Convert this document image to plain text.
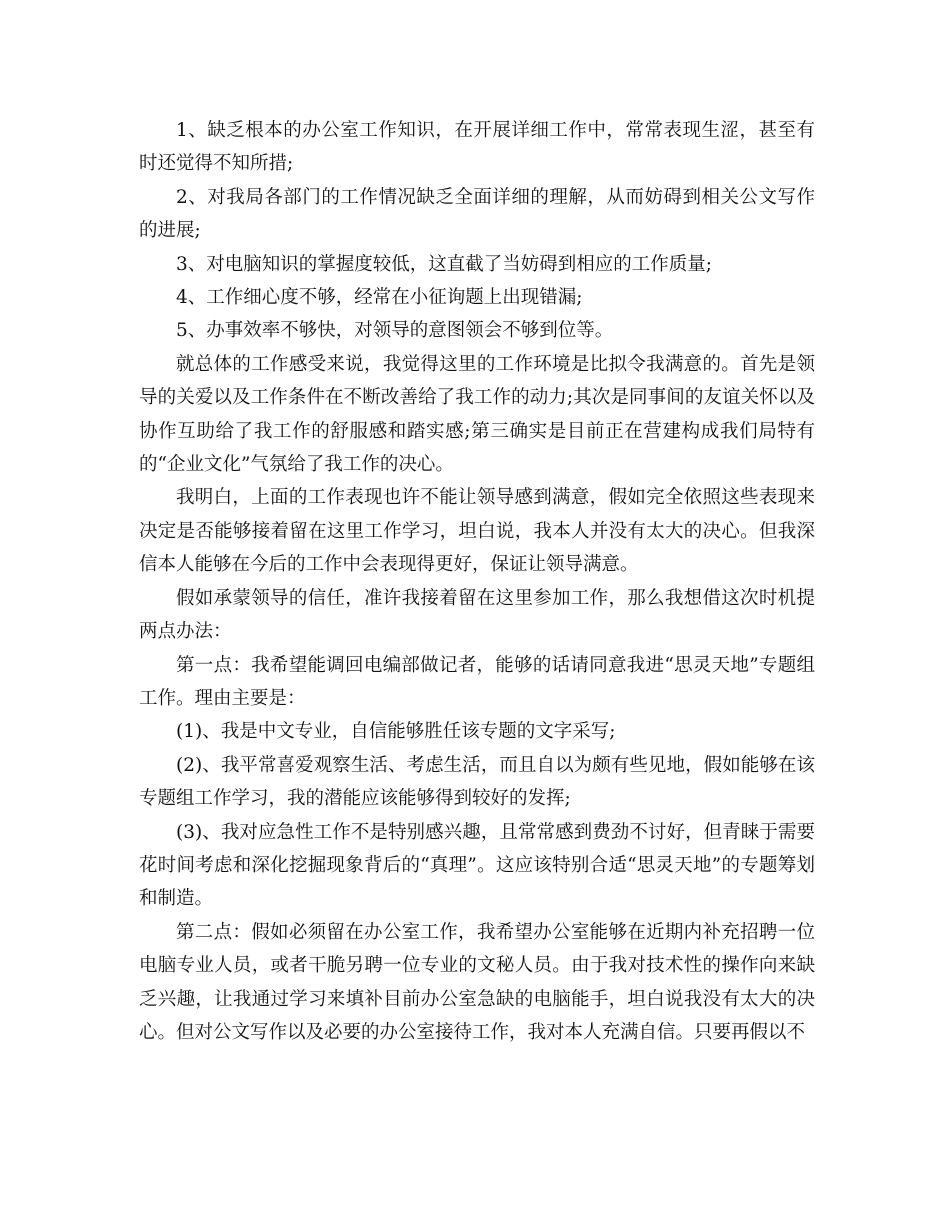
1、缺乏根本的办公室工作知识，在开展详细工作中，常常表现生涩，甚至有时还觉得不知所措;

2、对我局各部门的工作情况缺乏全面详细的理解，从而妨碍到相关公文写作的进展;

3、对电脑知识的掌握度较低，这直截了当妨碍到相应的工作质量;

4、工作细心度不够，经常在小征询题上出现错漏;

5、办事效率不够快，对领导的意图领会不够到位等。

就总体的工作感受来说，我觉得这里的工作环境是比拟令我满意的。首先是领导的关爱以及工作条件在不断改善给了我工作的动力;其次是同事间的友谊关怀以及协作互助给了我工作的舒服感和踏实感;第三确实是目前正在营建构成我们局特有的“企业文化”气氛给了我工作的决心。

我明白，上面的工作表现也许不能让领导感到满意，假如完全依照这些表现来决定是否能够接着留在这里工作学习，坦白说，我本人并没有太大的决心。但我深信本人能够在今后的工作中会表现得更好，保证让领导满意。

假如承蒙领导的信任，准许我接着留在这里参加工作，那么我想借这次时机提两点办法：

第一点：我希望能调回电编部做记者，能够的话请同意我进“思灵天地”专题组工作。理由主要是：

(1)、我是中文专业，自信能够胜任该专题的文字采写;

(2)、我平常喜爱观察生活、考虑生活，而且自以为颇有些见地，假如能够在该专题组工作学习，我的潜能应该能够得到较好的发挥;

(3)、我对应急性工作不是特别感兴趣，且常常感到费劲不讨好，但青睐于需要花时间考虑和深化挖掘现象背后的“真理”。这应该特别合适“思灵天地”的专题筹划和制造。

第二点：假如必须留在办公室工作，我希望办公室能够在近期内补充招聘一位电脑专业人员，或者干脆另聘一位专业的文秘人员。由于我对技术性的操作向来缺乏兴趣，让我通过学习来填补目前办公室急缺的电脑能手，坦白说我没有太大的决心。但对公文写作以及必要的办公室接待工作，我对本人充满自信。只要再假以不
